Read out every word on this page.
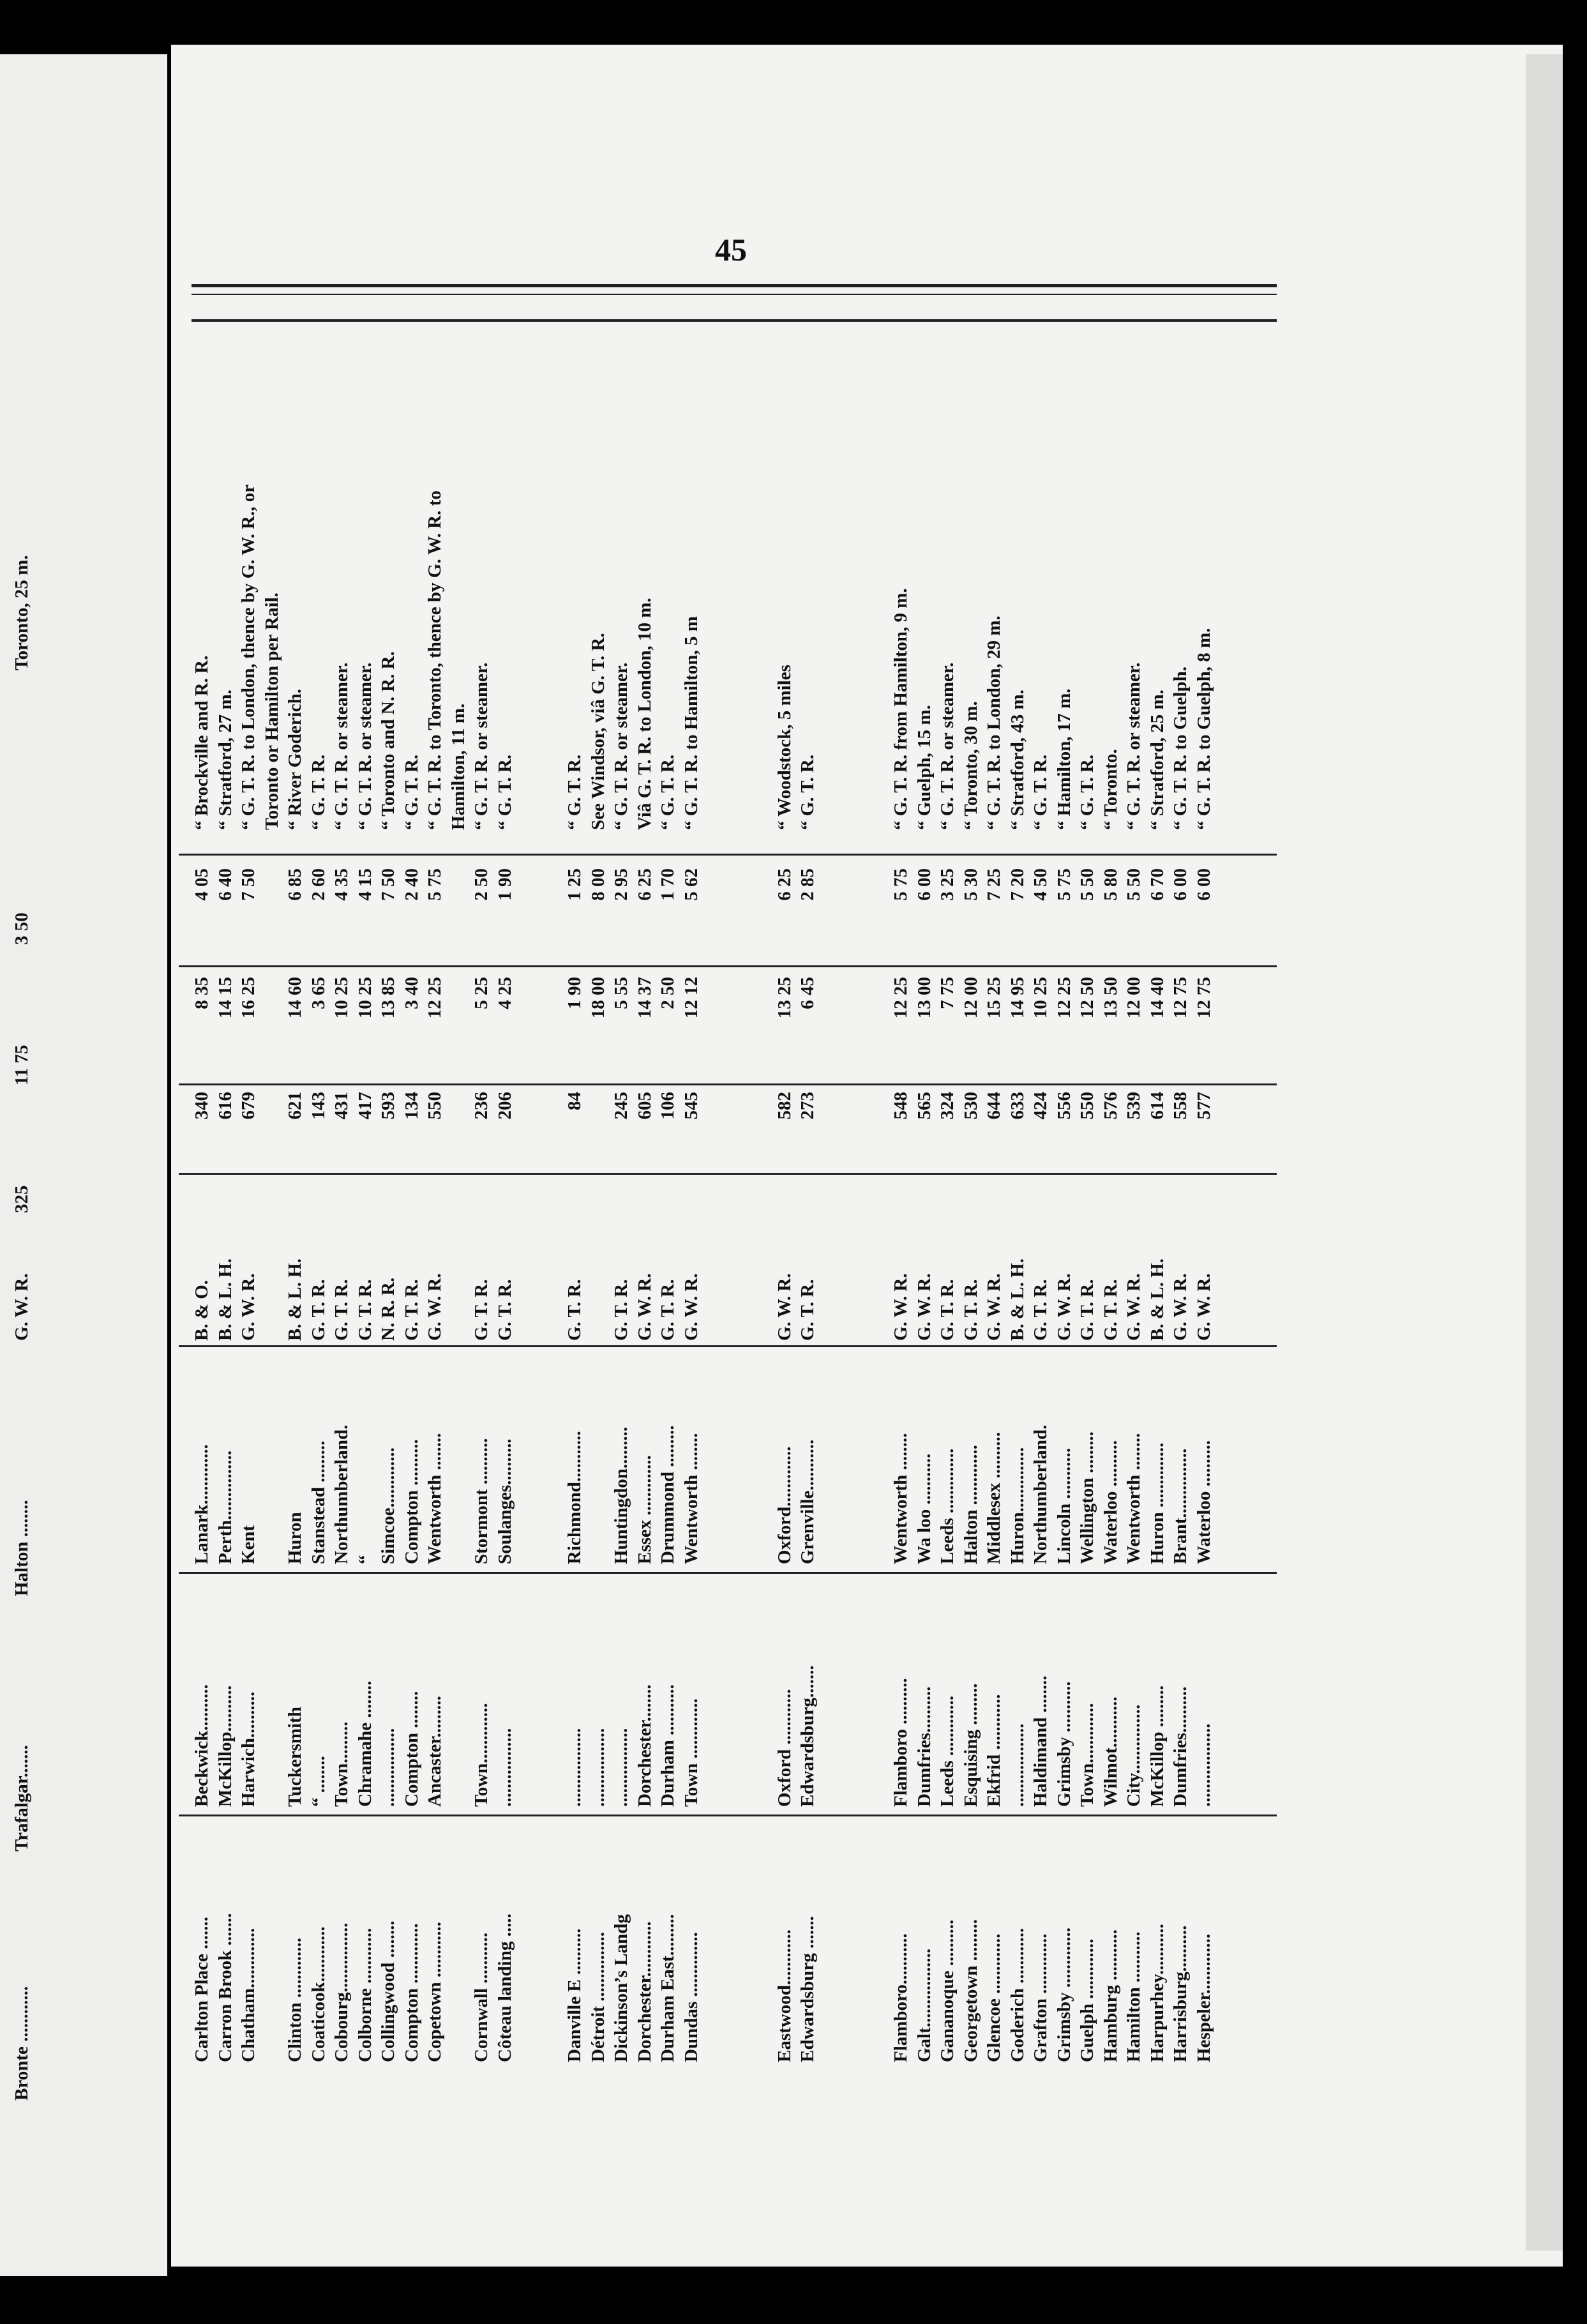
45
Bronte ............
Trafalgar.......
Halton ........
G. W. R.
325
11 75
3 50
Toronto, 25 m.
Carlton Place .......
Beckwick..........
Lanark.............
B. & O.
340
8 35
4 05
“ Brockville and R. R.
Carron Brook .......
McKillop..........
Perth...............
B. & L. H.
616
14 15
6 40
“ Stratford, 27 m.
Chatham.............
Harwich..........
Kent
G. W. R.
679
16 25
7 50
“ G. T. R. to London, thence by G. W. R., or Toronto or Hamilton per Rail.
Clinton .............
Tuckersmith
Huron
B. & L. H.
621
14 60
6 85
“ River Goderich.
Coaticook............
“ ........
Stanstead .........
G. T. R.
143
3 65
2 60
“ G. T. R.
Cobourg...............
Town.........
Northumberland.
G. T. R.
431
10 25
4 35
“ G. T. R. or steamer.
Colborne ............
Chramahe ........
“
G. T. R.
417
10 25
4 15
“ G. T. R. or steamer.
Collingwood ........
.................
Simcoe.............
N. R. R.
593
13 85
7 50
“ Toronto and N. R. R.
Compton .............
Compton ........
Compton ..........
G. T. R.
134
3 40
2 40
“ G. T. R.
Copetown ............
Ancaster.........
Wentworth ........
G. W. R.
550
12 25
5 75
“ G. T. R. to Toronto, thence by G. W. R. to Hamilton, 11 m.
Cornwall ...........
Town.............
Stormont ..........
G. T. R.
236
5 25
2 50
“ G. T. R. or steamer.
Côteau landing .....
.................
Soulanges..........
G. T. R.
206
4 25
1 90
“ G. T. R.
Danville E ..........
.................
Richmond...........
G. T. R.
84
1 90
1 25
“ G. T. R.
Détroit ...............
.................
18 00
8 00
See Windsor, viâ G. T. R.
Dickinson’s Landg
.................
Huntingdon.........
G. T. R.
245
5 55
2 95
“ G. T. R. or steamer.
Dorchester............
Dorchester........
Essex .............
G. W. R.
605
14 37
6 25
Viâ G. T. R. to London, 10 m.
Durham East.........
Durham ...........
Drummond .........
G. T. R.
106
2 50
1 70
“ G. T. R.
Dundas ..............
Town .............
Wentworth ........
G. W. R.
545
12 12
5 62
“ G. T. R. to Hamilton, 5 m
Eastwood............
Oxford ............
Oxford.............
G. W. R.
582
13 25
6 25
“ Woodstock, 5 miles
Edwardsburg .......
Edwardsburg.......
Grenville...........
G. T. R.
273
6 45
2 85
“ G. T. R.
Flamboro...........
Flamboro ..........
Wentworth ........
G. W. R.
548
12 25
5 75
“ G. T. R. from Hamilton, 9 m.
Galt.................
Dumfries..........
Wa loo ...........
G. W. R.
565
13 00
6 00
“ Guelph, 15 m.
Gananoque ..........
Leeds .............
Leeds ..............
G. T. R.
324
7 75
3 25
“ G. T. R. or steamer.
Georgetown .........
Esquising .........
Halton .............
G. T. R.
530
12 00
5 30
“ Toronto, 30 m.
Glencoe .............
Ekfrid ............
Middlesex ..........
G. W. R.
644
15 25
7 25
“ G. T. R. to London, 29 m.
Goderich ............
..................
Huron..............
B. & L. H.
633
14 95
7 20
“ Stratford, 43 m.
Grafton .............
Haldimand ........
Northumberland.
G. T. R.
424
10 25
4 50
“ G. T. R.
Grimsby .............
Grimsby ...........
Lincoln ...........
G. W. R.
556
12 25
5 75
“ Hamilton, 17 m.
Guelph .............
Town.............
Wellington .........
G. T. R.
550
12 50
5 50
“ G. T. R.
Hamburg ...........
Wilmot...........
Waterloo ..........
G. T. R.
576
13 50
5 80
“ Toronto.
Hamilton ...........
City...............
Wentworth ........
G. W. R.
539
12 00
5 50
“ G. T. R. or steamer.
Harpurhey...........
McKillop .........
Huron ..............
B. & L. H.
614
14 40
6 70
“ Stratford, 25 m.
Harrisburg..........
Dumfries..........
Brant...............
G. W. R.
558
12 75
6 00
“ G. T. R. to Guelph.
Hespeler.............
..................
Waterloo ..........
G. W. R.
577
12 75
6 00
“ G. T. R. to Guelph, 8 m.
